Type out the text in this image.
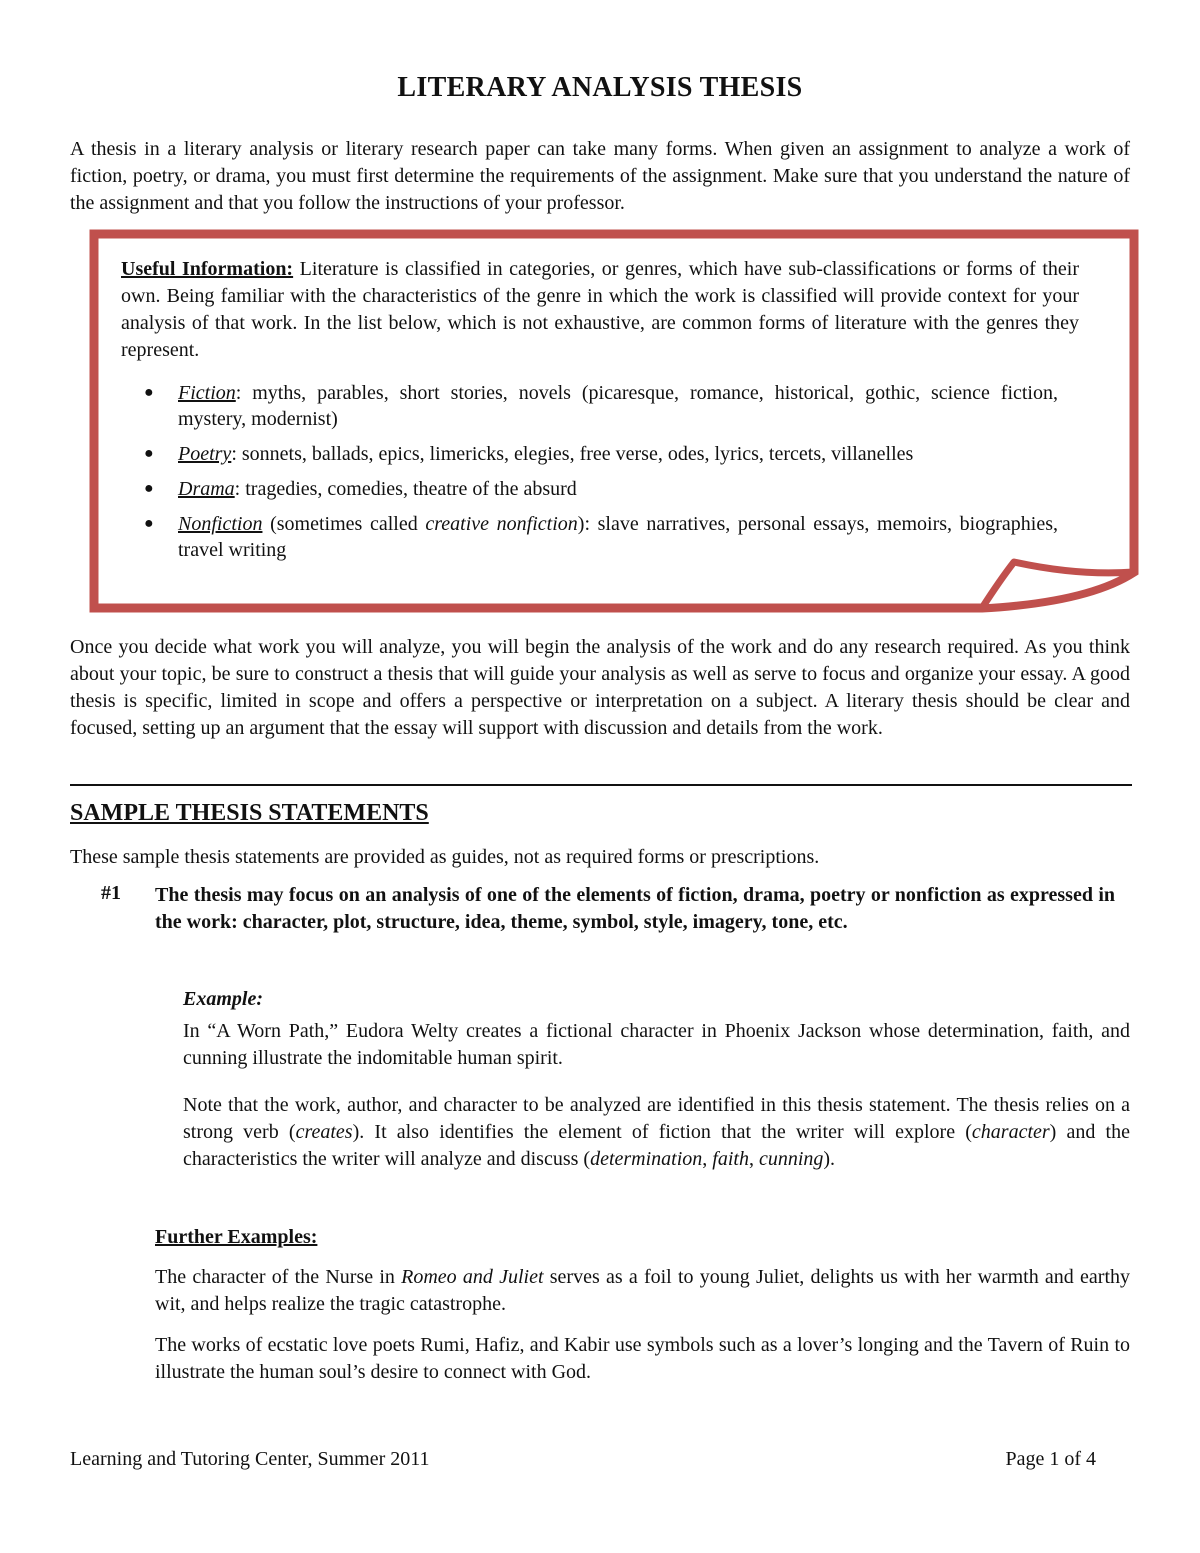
LITERARY ANALYSIS THESIS

A thesis in a literary analysis or literary research paper can take many forms. When given an assignment to analyze a work of fiction, poetry, or drama, you must first determine the requirements of the assignment. Make sure that you understand the nature of the assignment and that you follow the instructions of your professor.

Useful Information: Literature is classified in categories, or genres, which have sub-classifications or forms of their own. Being familiar with the characteristics of the genre in which the work is classified will provide context for your analysis of that work. In the list below, which is not exhaustive, are common forms of literature with the genres they represent.

● Fiction: myths, parables, short stories, novels (picaresque, romance, historical, gothic, science fiction, mystery, modernist)
● Poetry: sonnets, ballads, epics, limericks, elegies, free verse, odes, lyrics, tercets, villanelles
● Drama: tragedies, comedies, theatre of the absurd
● Nonfiction (sometimes called creative nonfiction): slave narratives, personal essays, memoirs, biographies, travel writing

Once you decide what work you will analyze, you will begin the analysis of the work and do any research required. As you think about your topic, be sure to construct a thesis that will guide your analysis as well as serve to focus and organize your essay. A good thesis is specific, limited in scope and offers a perspective or interpretation on a subject. A literary thesis should be clear and focused, setting up an argument that the essay will support with discussion and details from the work.

SAMPLE THESIS STATEMENTS

These sample thesis statements are provided as guides, not as required forms or prescriptions.

#1 The thesis may focus on an analysis of one of the elements of fiction, drama, poetry or nonfiction as expressed in the work: character, plot, structure, idea, theme, symbol, style, imagery, tone, etc.

Example:

In “A Worn Path,” Eudora Welty creates a fictional character in Phoenix Jackson whose determination, faith, and cunning illustrate the indomitable human spirit.

Note that the work, author, and character to be analyzed are identified in this thesis statement. The thesis relies on a strong verb (creates). It also identifies the element of fiction that the writer will explore (character) and the characteristics the writer will analyze and discuss (determination, faith, cunning).

Further Examples:

The character of the Nurse in Romeo and Juliet serves as a foil to young Juliet, delights us with her warmth and earthy wit, and helps realize the tragic catastrophe.

The works of ecstatic love poets Rumi, Hafiz, and Kabir use symbols such as a lover’s longing and the Tavern of Ruin to illustrate the human soul’s desire to connect with God.

Learning and Tutoring Center, Summer 2011	Page 1 of 4
